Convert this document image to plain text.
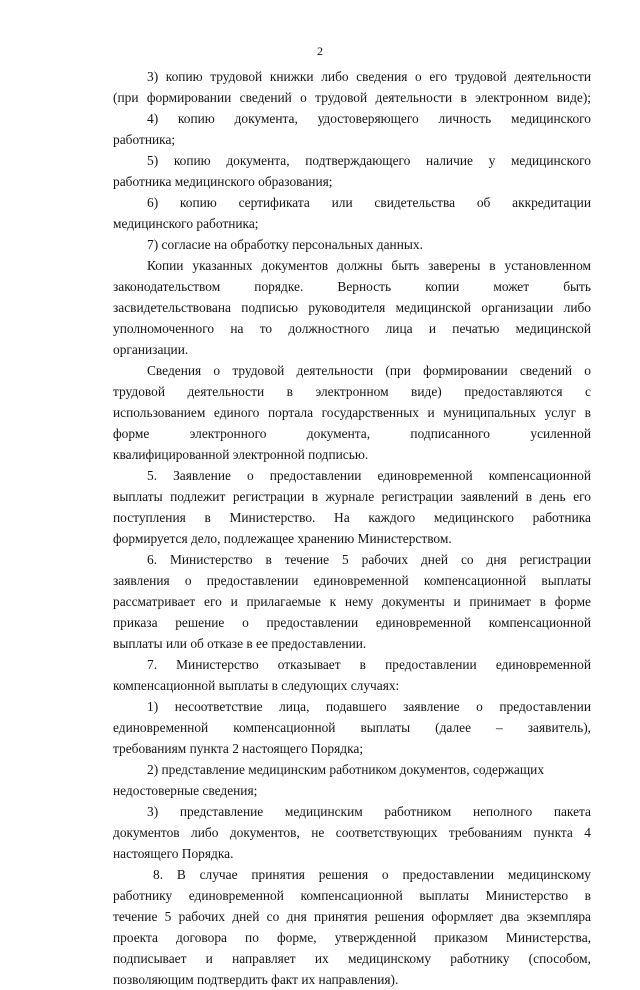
2
3) копию трудовой книжки либо сведения о его трудовой деятельности
(при формировании сведений о трудовой деятельности в электронном виде);
4) копию документа, удостоверяющего личность медицинского
работника;
5) копию документа, подтверждающего наличие у медицинского
работника медицинского образования;
6) копию сертификата или свидетельства об аккредитации
медицинского работника;
7) согласие на обработку персональных данных.
Копии указанных документов должны быть заверены в установленном
законодательством порядке. Верность копии может быть
засвидетельствована подписью руководителя медицинской организации либо
уполномоченного на то должностного лица и печатью медицинской
организации.
Сведения о трудовой деятельности (при формировании сведений о
трудовой деятельности в электронном виде) предоставляются с
использованием единого портала государственных и муниципальных услуг в
форме электронного документа, подписанного усиленной
квалифицированной электронной подписью.
5. Заявление о предоставлении единовременной компенсационной
выплаты подлежит регистрации в журнале регистрации заявлений в день его
поступления в Министерство. На каждого медицинского работника
формируется дело, подлежащее хранению Министерством.
6. Министерство в течение 5 рабочих дней со дня регистрации
заявления о предоставлении единовременной компенсационной выплаты
рассматривает его и прилагаемые к нему документы и принимает в форме
приказа решение о предоставлении единовременной компенсационной
выплаты или об отказе в ее предоставлении.
7. Министерство отказывает в предоставлении единовременной
компенсационной выплаты в следующих случаях:
1) несоответствие лица, подавшего заявление о предоставлении
единовременной компенсационной выплаты (далее – заявитель),
требованиям пункта 2 настоящего Порядка;
2) представление медицинским работником документов, содержащих
недостоверные сведения;
3) представление медицинским работником неполного пакета
документов либо документов, не соответствующих требованиям пункта 4
настоящего Порядка.
8. В случае принятия решения о предоставлении медицинскому
работнику единовременной компенсационной выплаты Министерство в
течение 5 рабочих дней со дня принятия решения оформляет два экземпляра
проекта договора по форме, утвержденной приказом Министерства,
подписывает и направляет их медицинскому работнику (способом,
позволяющим подтвердить факт их направления).
